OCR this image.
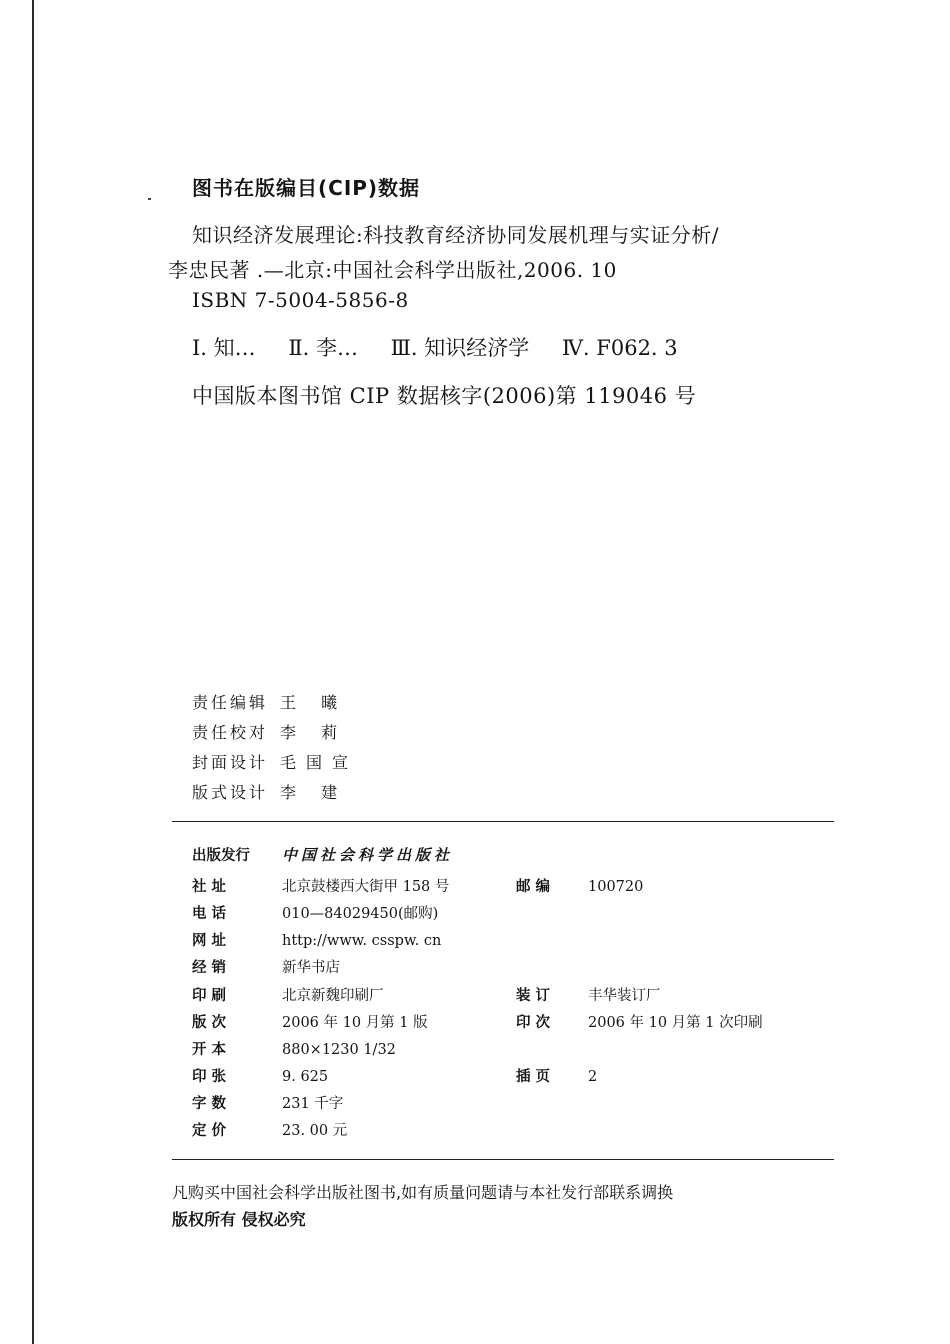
图书在版编目(CIP)数据
知识经济发展理论:科技教育经济协同发展机理与实证分析/
李忠民著 .—北京:中国社会科学出版社,2006. 10
ISBN 7-5004-5856-8
Ⅰ. 知… Ⅱ. 李… Ⅲ. 知识经济学 Ⅳ. F062. 3
中国版本图书馆 CIP 数据核字(2006)第 119046 号
责任编辑 王 曦
责任校对 李 莉
封面设计 毛国宣
版式设计 李 建
出版发行 中国社会科学出版社
社 址	北京鼓楼西大街甲 158 号	邮 编	100720
电 话	010—84029450(邮购)
网 址	http://www. csspw. cn
经 销	新华书店
印 刷	北京新魏印刷厂	装 订	丰华装订厂
版 次	2006 年 10 月第 1 版	印 次	2006 年 10 月第 1 次印刷
开 本	880×1230 1/32
印 张	9. 625	插 页	2
字 数	231 千字
定 价	23. 00 元
凡购买中国社会科学出版社图书,如有质量问题请与本社发行部联系调换
版权所有 侵权必究
